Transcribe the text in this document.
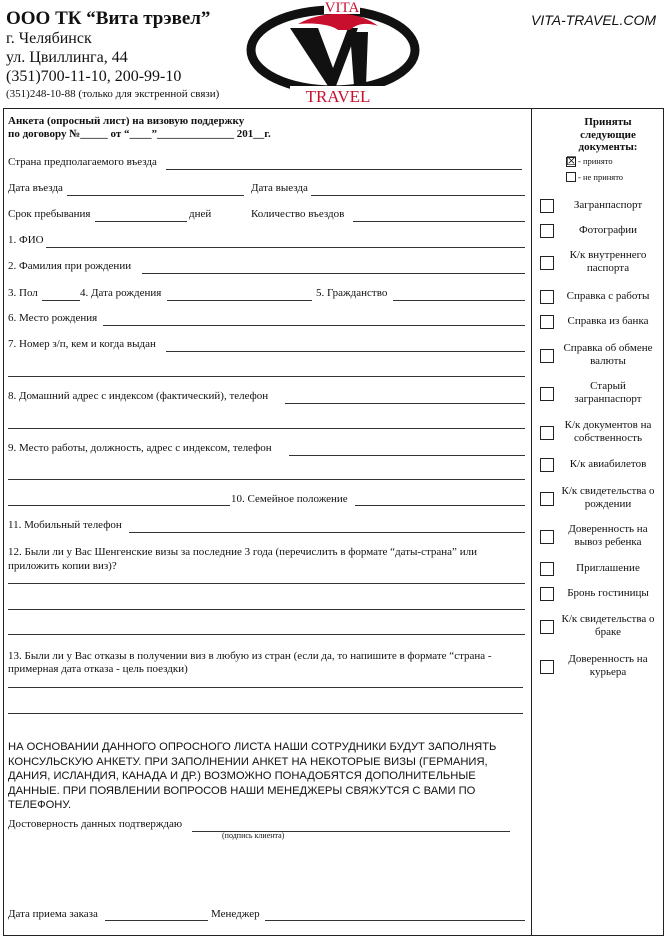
ООО ТК “Вита трэвел”
г. Челябинск
ул. Цвиллинга, 44
(351)700-11-10, 200-99-10
(351)248-10-88 (только для экстренной связи)
VITA-TRAVEL.COM
VITA
TRAVEL
Анкета (опросный лист) на визовую поддержку
по договору №_____ от “____”______________ 201__г.
Страна предполагаемого въезда
Дата въезда	Дата выезда
Срок пребывания	дней	Количество въездов
1. ФИО
2. Фамилия при рождении
3. Пол	4. Дата рождения	5. Гражданство
6. Место рождения
7. Номер з/п, кем и когда выдан
8. Домашний адрес с индексом (фактический), телефон
9. Место работы, должность, адрес с индексом, телефон
10. Семейное положение
11. Мобильный телефон
12. Были ли у Вас Шенгенские визы за последние 3 года (перечислить в формате “даты-страна” или
приложить копии виз)?
13. Были ли у Вас отказы в получении виз в любую из стран (если да, то напишите в формате “страна -
примерная дата отказа - цель поездки)
НА ОСНОВАНИИ ДАННОГО ОПРОСНОГО ЛИСТА НАШИ СОТРУДНИКИ БУДУТ ЗАПОЛНЯТЬ КОНСУЛЬСКУЮ АНКЕТУ. ПРИ ЗАПОЛНЕНИИ АНКЕТ НА НЕКОТОРЫЕ ВИЗЫ (ГЕРМАНИЯ, ДАНИЯ, ИСЛАНДИЯ, КАНАДА И ДР.) ВОЗМОЖНО ПОНАДОБЯТСЯ ДОПОЛНИТЕЛЬНЫЕ ДАННЫЕ. ПРИ ПОЯВЛЕНИИ ВОПРОСОВ НАШИ МЕНЕДЖЕРЫ СВЯЖУТСЯ С ВАМИ ПО ТЕЛЕФОНУ.
Достоверность данных подтверждаю
(подпись клиента)
Дата приема заказа	Менеджер
Приняты следующие документы:
☒ - принято
- не принято
Загранпаспорт
Фотографии
К/к внутреннего паспорта
Справка с работы
Справка из банка
Справка об обмене валюты
Старый загранпаспорт
К/к документов на собственность
К/к авиабилетов
К/к свидетельства о рождении
Доверенность на вывоз ребенка
Приглашение
Бронь гостиницы
К/к свидетельства о браке
Доверенность на курьера
